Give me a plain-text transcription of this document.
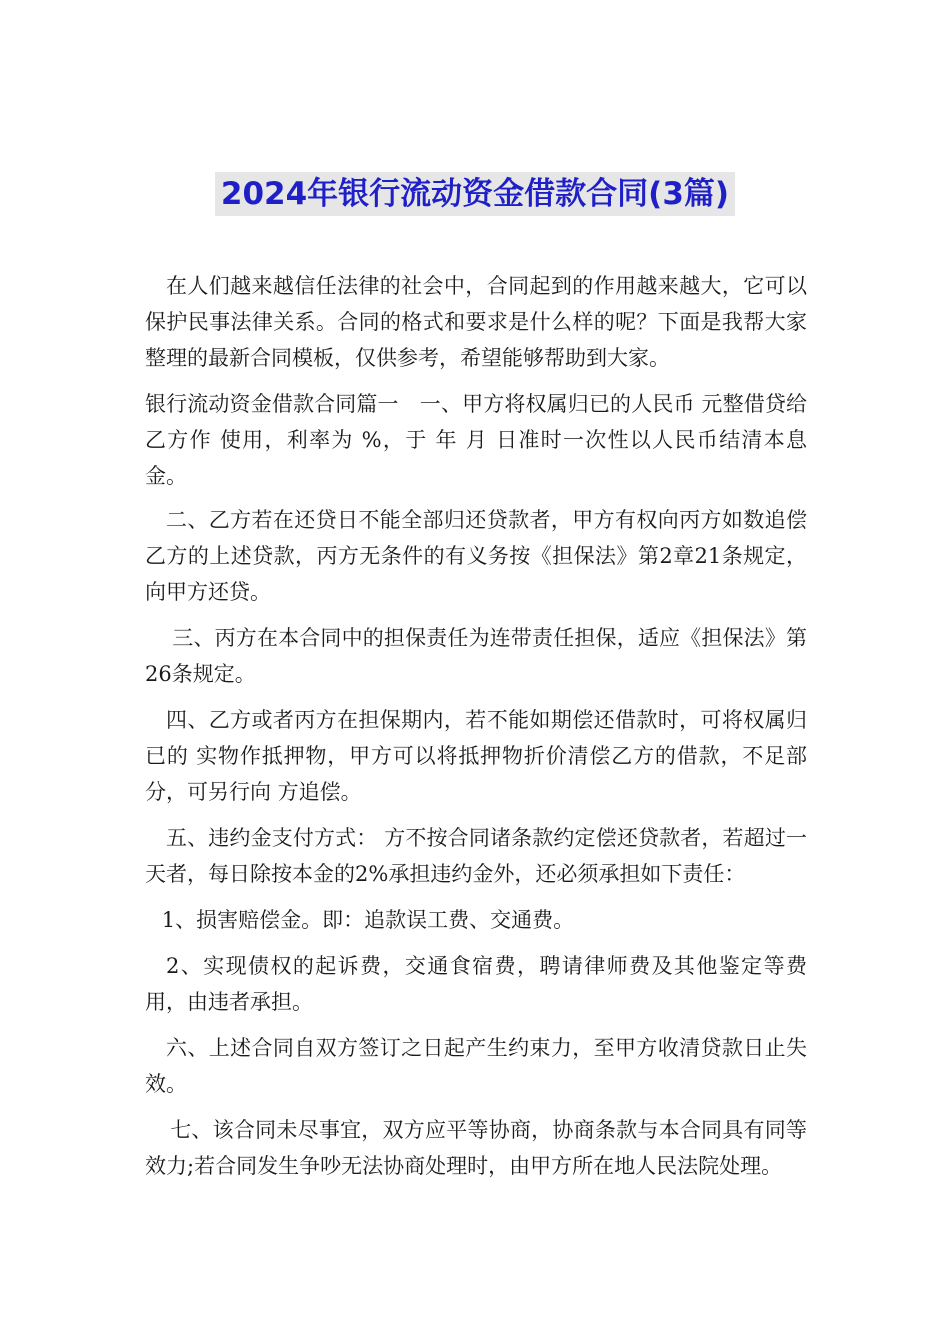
2024年银行流动资金借款合同(3篇)

在人们越来越信任法律的社会中，合同起到的作用越来越大，它可以保护民事法律关系。合同的格式和要求是什么样的呢？下面是我帮大家整理的最新合同模板，仅供参考，希望能够帮助到大家。

银行流动资金借款合同篇一　一、甲方将权属归已的人民币 元整借贷给乙方作 使用，利率为 %，于 年 月 日准时一次性以人民币结清本息金。

二、乙方若在还贷日不能全部归还贷款者，甲方有权向丙方如数追偿乙方的上述贷款，丙方无条件的有义务按《担保法》第2章21条规定，向甲方还贷。

三、丙方在本合同中的担保责任为连带责任担保，适应《担保法》第26条规定。

四、乙方或者丙方在担保期内，若不能如期偿还借款时，可将权属归已的 实物作抵押物，甲方可以将抵押物折价清偿乙方的借款，不足部分，可另行向 方追偿。

五、违约金支付方式： 方不按合同诸条款约定偿还贷款者，若超过一天者，每日除按本金的2%承担违约金外，还必须承担如下责任：

1、损害赔偿金。即：追款误工费、交通费。

2、实现债权的起诉费，交通食宿费，聘请律师费及其他鉴定等费用，由违者承担。

六、上述合同自双方签订之日起产生约束力，至甲方收清贷款日止失效。

七、该合同未尽事宜，双方应平等协商，协商条款与本合同具有同等效力;若合同发生争吵无法协商处理时，由甲方所在地人民法院处理。
